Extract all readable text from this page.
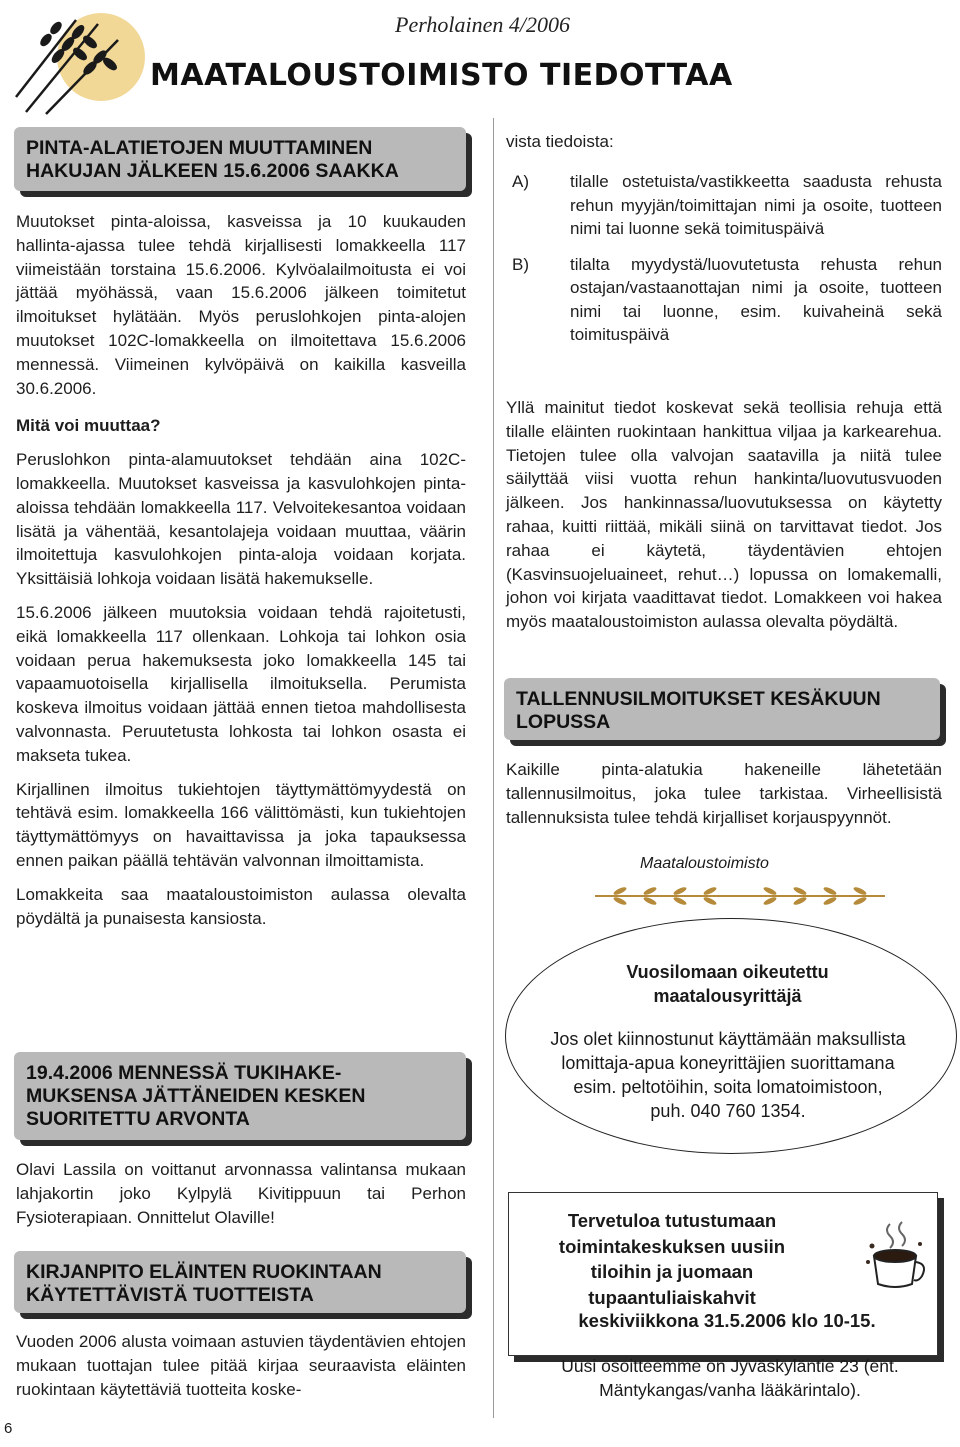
Perholainen 4/2006
MAATALOUSTOIMISTO TIEDOTTAA
PINTA-ALATIETOJEN MUUTTAMINEN
HAKUJAN JÄLKEEN 15.6.2006 SAAKKA

Muutokset pinta-aloissa, kasveissa ja 10 kuukauden hallinta-ajassa tulee tehdä kirjallisesti lomakkeella 117 viimeistään torstaina 15.6.2006. Kylvöalailmoitusta ei voi jättää myöhässä, vaan 15.6.2006 jälkeen toimitetut ilmoitukset hylätään. Myös peruslohkojen pinta-alojen muutokset 102C-lomakkeella on ilmoitettava 15.6.2006 mennessä. Viimeinen kylvöpäivä on kaikilla kasveilla 30.6.2006.

Mitä voi muuttaa?

Peruslohkon pinta-alamuutokset tehdään aina 102C-lomakkeella. Muutokset kasveissa ja kasvulohkojen pinta-aloissa tehdään lomakkeella 117. Velvoitekesantoa voidaan lisätä ja vähentää, kesantolajeja voidaan muuttaa, väärin ilmoitettuja kasvulohkojen pinta-aloja voidaan korjata. Yksittäisiä lohkoja voidaan lisätä hakemukselle.

15.6.2006 jälkeen muutoksia voidaan tehdä rajoitetusti, eikä lomakkeella 117 ollenkaan. Lohkoja tai lohkon osia voidaan perua hakemuksesta joko lomakkeella 145 tai vapaamuotoisella kirjallisella ilmoituksella. Perumista koskeva ilmoitus voidaan jättää ennen tietoa mahdollisesta valvonnasta. Peruutetusta lohkosta tai lohkon osasta ei makseta tukea.

Kirjallinen ilmoitus tukiehtojen täyttymättömyydestä on tehtävä esim. lomakkeella 166 välittömästi, kun tukiehtojen täyttymättömyys on havaittavissa ja joka tapauksessa ennen paikan päällä tehtävän valvonnan ilmoittamista.

Lomakkeita saa maataloustoimiston aulassa olevalta pöydältä ja punaisesta kansiosta.

19.4.2006 MENNESSÄ TUKIHAKE-
MUKSENSA JÄTTÄNEIDEN KESKEN
SUORITETTU ARVONTA

Olavi Lassila on voittanut arvonnassa valintansa mukaan lahjakortin joko Kylpylä Kivitippuun tai Perhon Fysioterapiaan. Onnittelut Olaville!

KIRJANPITO ELÄINTEN RUOKINTAAN
KÄYTETTÄVISTÄ TUOTTEISTA

Vuoden 2006 alusta voimaan astuvien täydentävien ehtojen mukaan tuottajan tulee pitää kirjaa seuraavista eläinten ruokintaan käytettäviä tuotteita koske-

6

vista tiedoista:

A) tilalle ostetuista/vastikkeetta saadusta rehusta rehun myyjän/toimittajan nimi ja osoite, tuotteen nimi tai luonne sekä toimituspäivä
B) tilalta myydystä/luovutetusta rehusta rehun ostajan/vastaanottajan nimi ja osoite, tuotteen nimi tai luonne, esim. kuivaheinä sekä toimituspäivä

Yllä mainitut tiedot koskevat sekä teollisia rehuja että tilalle eläinten ruokintaan hankittua viljaa ja karkearehua. Tietojen tulee olla valvojan saatavilla ja niitä tulee säilyttää viisi vuotta rehun hankinta/luovutusvuoden jälkeen. Jos hankinnassa/luovutuksessa on käytetty rahaa, kuitti riittää, mikäli siinä on tarvittavat tiedot. Jos rahaa ei käytetä, täydentävien ehtojen (Kasvinsuojeluaineet, rehut…) lopussa on lomakemalli, johon voi kirjata vaadittavat tiedot. Lomakkeen voi hakea myös maataloustoimiston aulassa olevalta pöydältä.

TALLENNUSILMOITUKSET KESÄKUUN
LOPUSSA

Kaikille pinta-alatukia hakeneille lähetetään tallennusilmoitus, joka tulee tarkistaa. Virheellisistä tallennuksista tulee tehdä kirjalliset korjauspyynnöt.

Maataloustoimisto
Vuosilomaan oikeutettu
maatalousyrittäjä
Jos olet kiinnostunut käyttämään maksullista
lomittaja-apua koneyrittäjien suorittamana
esim. peltotöihin, soita lomatoimistoon,
puh. 040 760 1354.
Tervetuloa tutustumaan
toimintakeskuksen uusiin
tiloihin ja juomaan
tupaantuliaiskahvit
keskiviikkona 31.5.2006 klo 10-15.
Uusi osoitteemme on Jyväskyläntie 23 (ent.
Mäntykangas/vanha lääkärintalo).
